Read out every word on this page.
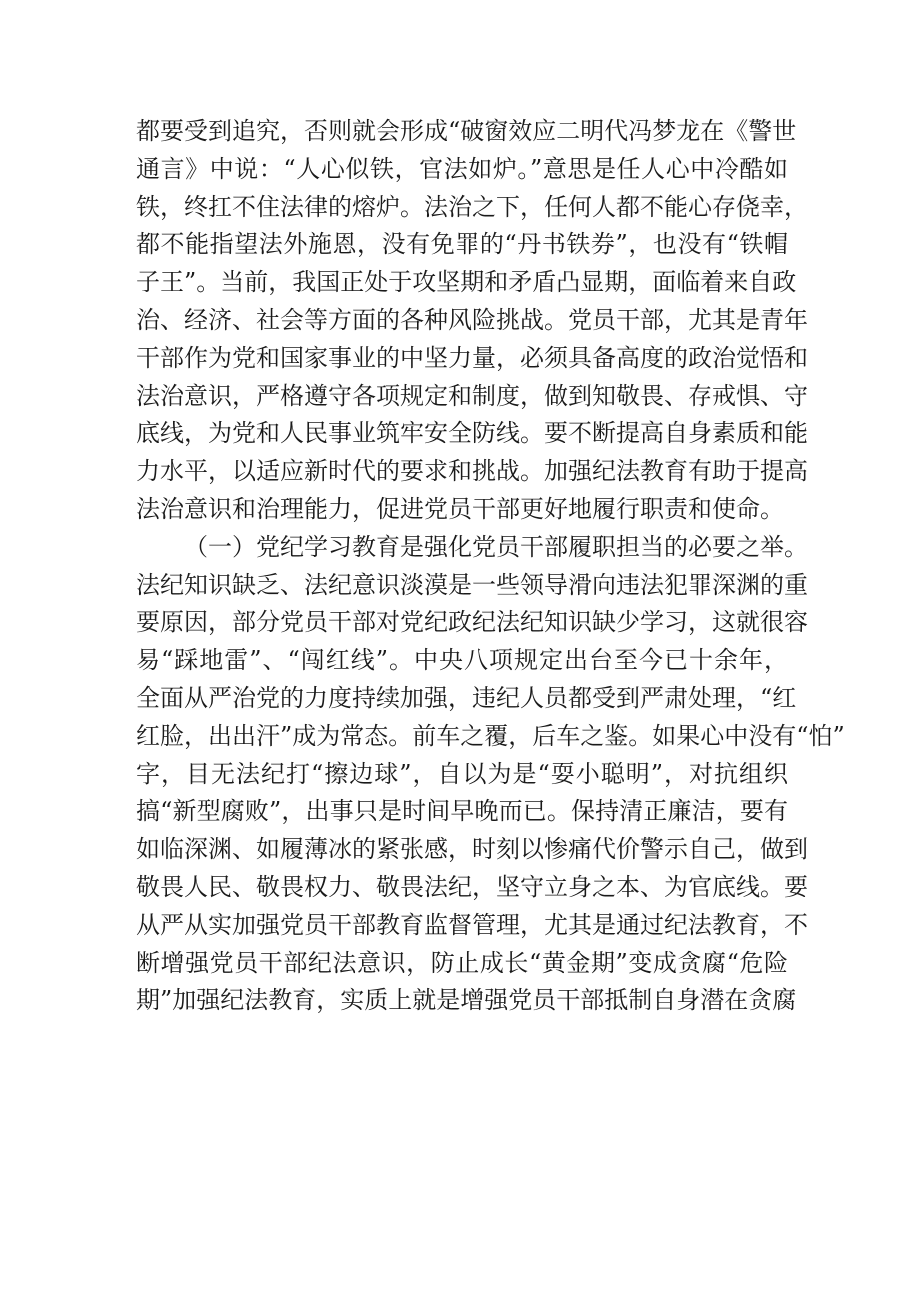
都要受到追究，否则就会形成“破窗效应二明代冯梦龙在《警世
通言》中说：“人心似铁，官法如炉。”意思是任人心中冷酷如
铁，终扛不住法律的熔炉。法治之下，任何人都不能心存侥幸，
都不能指望法外施恩，没有免罪的“丹书铁券”，也没有“铁帽
子王”。当前，我国正处于攻坚期和矛盾凸显期，面临着来自政
治、经济、社会等方面的各种风险挑战。党员干部，尤其是青年
干部作为党和国家事业的中坚力量，必须具备高度的政治觉悟和
法治意识，严格遵守各项规定和制度，做到知敬畏、存戒惧、守
底线，为党和人民事业筑牢安全防线。要不断提高自身素质和能
力水平，以适应新时代的要求和挑战。加强纪法教育有助于提高
法治意识和治理能力，促进党员干部更好地履行职责和使命。
（一）党纪学习教育是强化党员干部履职担当的必要之举。
法纪知识缺乏、法纪意识淡漠是一些领导滑向违法犯罪深渊的重
要原因，部分党员干部对党纪政纪法纪知识缺少学习，这就很容
易“踩地雷”、“闯红线”。中央八项规定出台至今已十余年，
全面从严治党的力度持续加强，违纪人员都受到严肃处理，“红
红脸，出出汗”成为常态。前车之覆，后车之鉴。如果心中没有“怕”
字，目无法纪打“擦边球”，自以为是“耍小聪明”，对抗组织
搞“新型腐败”，出事只是时间早晚而已。保持清正廉洁，要有
如临深渊、如履薄冰的紧张感，时刻以惨痛代价警示自己，做到
敬畏人民、敬畏权力、敬畏法纪，坚守立身之本、为官底线。要
从严从实加强党员干部教育监督管理，尤其是通过纪法教育，不
断增强党员干部纪法意识，防止成长“黄金期”变成贪腐“危险
期”加强纪法教育，实质上就是增强党员干部抵制自身潜在贪腐
